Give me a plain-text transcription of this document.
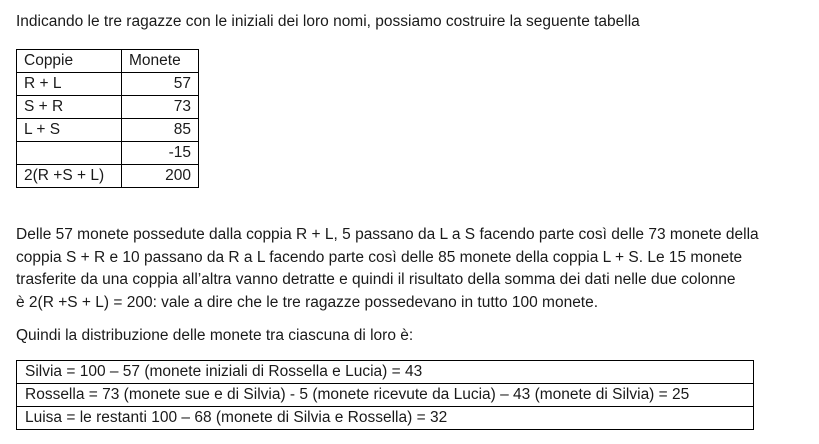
Indicando le tre ragazze con le iniziali dei loro nomi, possiamo costruire la seguente tabella

Coppie	Monete
R + L	57
S + R	73
L + S	85
	-15
2(R +S + L)	200

Delle 57 monete possedute dalla coppia R + L, 5 passano da L a S facendo parte così delle 73 monete della
coppia S + R e 10 passano da R a L facendo parte così delle 85 monete della coppia L + S. Le 15 monete
trasferite da una coppia all’altra vanno detratte e quindi il risultato della somma dei dati nelle due colonne
è 2(R +S + L) = 200: vale a dire che le tre ragazze possedevano in tutto 100 monete.

Quindi la distribuzione delle monete tra ciascuna di loro è:

Silvia = 100 – 57 (monete iniziali di Rossella e Lucia) = 43
Rossella = 73 (monete sue e di Silvia) - 5 (monete ricevute da Lucia) – 43 (monete di Silvia) = 25
Luisa = le restanti 100 – 68 (monete di Silvia e Rossella) = 32
